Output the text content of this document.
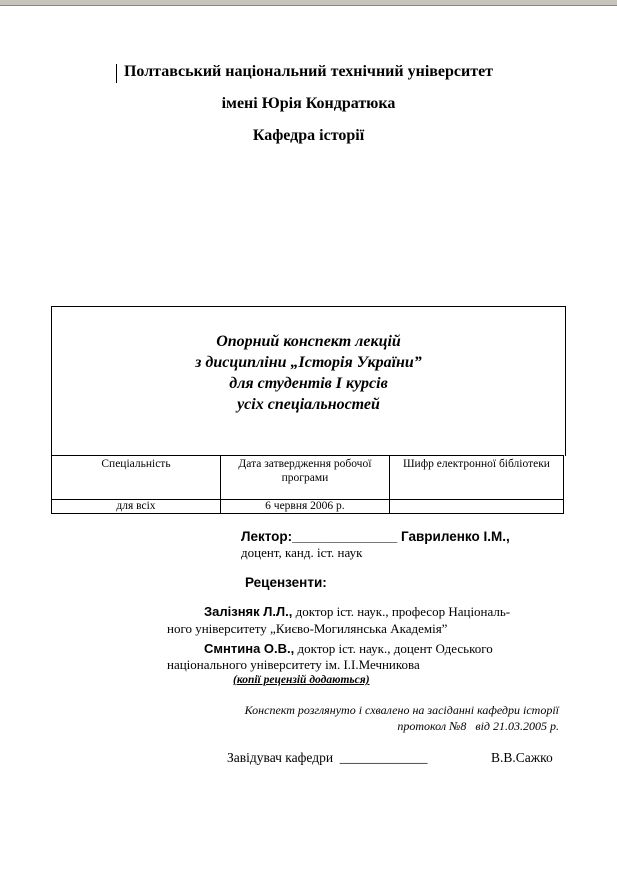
Полтавський національний технічний університет
імені Юрія Кондратюка
Кафедра історії
Опорний конспект лекцій
з дисципліни „Історія України”
для студентів І курсів
усіх спеціальностей
Спеціальність	Дата затвердження робочої програми	Шифр електронної бібліотеки
для всіх	6 червня 2006 р.	
Лектор:______________ Гавриленко І.М.,
доцент, канд. іст. наук
Рецензенти:
Залізняк Л.Л., доктор іст. наук., професор Національ-
ного університету „Києво-Могилянська Академія”
Смнтина О.В., доктор іст. наук., доцент Одеського
національного університету ім. І.І.Мечникова
(копії рецензій додаються)
Конспект розглянуто і схвалено на засіданні кафедри історії
протокол №8   від 21.03.2005 р.
Завідувач кафедри  _____________	В.В.Сажко
